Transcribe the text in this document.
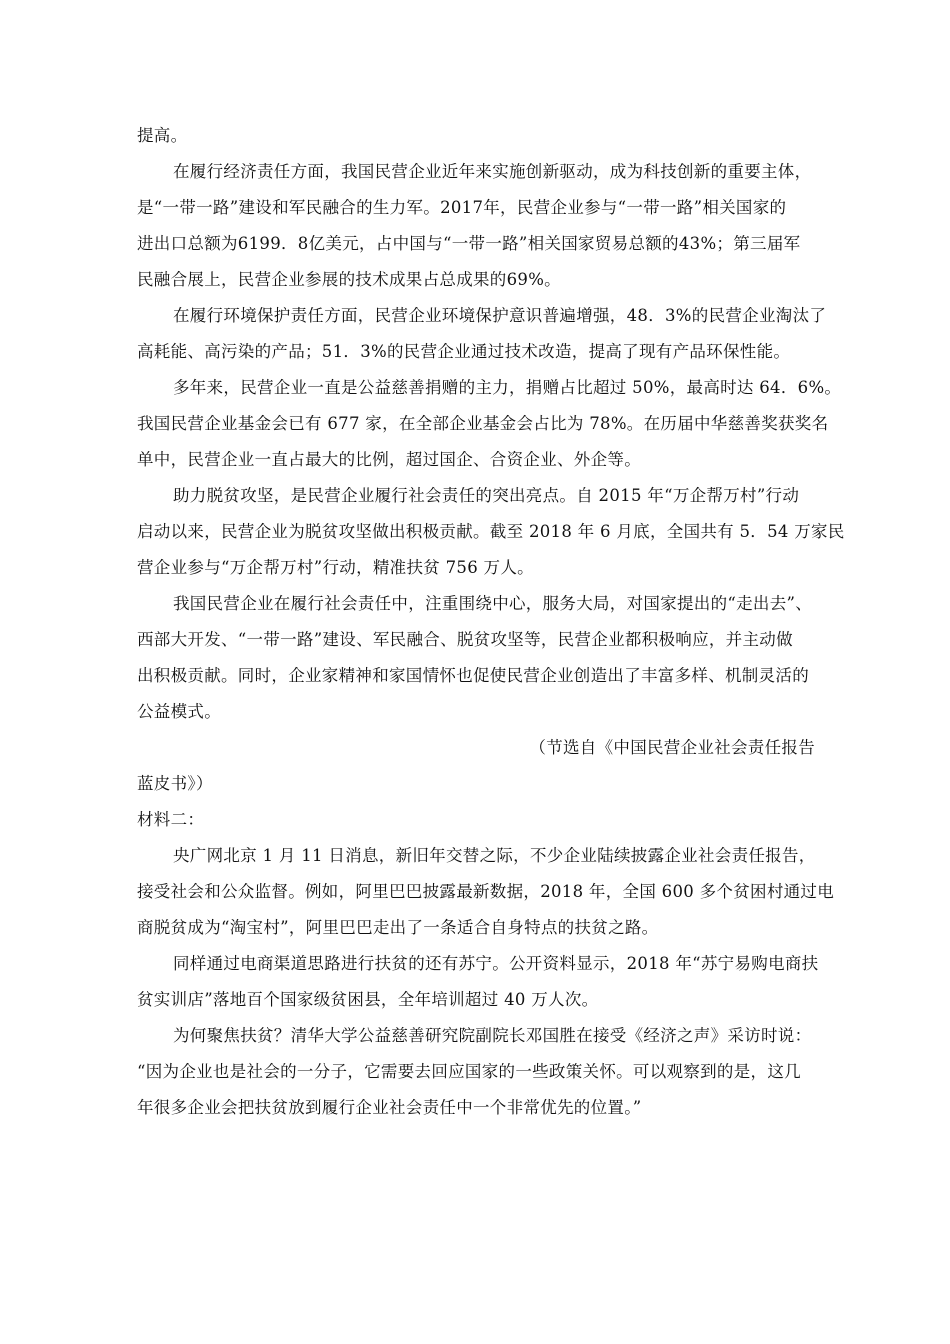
提高。
在履行经济责任方面，我国民营企业近年来实施创新驱动，成为科技创新的重要主体，
是“一带一路”建设和军民融合的生力军。2017年，民营企业参与“一带一路”相关国家的
进出口总额为6199．8亿美元，占中国与“一带一路”相关国家贸易总额的43%；第三届军
民融合展上，民营企业参展的技术成果占总成果的69%。
在履行环境保护责任方面，民营企业环境保护意识普遍增强，48．3%的民营企业淘汰了
高耗能、高污染的产品；51．3%的民营企业通过技术改造，提高了现有产品环保性能。
多年来，民营企业一直是公益慈善捐赠的主力，捐赠占比超过 50%，最高时达 64．6%。
我国民营企业基金会已有 677 家，在全部企业基金会占比为 78%。在历届中华慈善奖获奖名
单中，民营企业一直占最大的比例，超过国企、合资企业、外企等。
助力脱贫攻坚，是民营企业履行社会责任的突出亮点。自 2015 年“万企帮万村”行动
启动以来，民营企业为脱贫攻坚做出积极贡献。截至 2018 年 6 月底，全国共有 5．54 万家民
营企业参与“万企帮万村”行动，精准扶贫 756 万人。
我国民营企业在履行社会责任中，注重围绕中心，服务大局，对国家提出的“走出去”、
西部大开发、“一带一路”建设、军民融合、脱贫攻坚等，民营企业都积极响应，并主动做
出积极贡献。同时，企业家精神和家国情怀也促使民营企业创造出了丰富多样、机制灵活的
公益模式。
（节选自《中国民营企业社会责任报告
蓝皮书》）
材料二：
央广网北京 1 月 11 日消息，新旧年交替之际，不少企业陆续披露企业社会责任报告，
接受社会和公众监督。例如，阿里巴巴披露最新数据，2018 年，全国 600 多个贫困村通过电
商脱贫成为“淘宝村”，阿里巴巴走出了一条适合自身特点的扶贫之路。
同样通过电商渠道思路进行扶贫的还有苏宁。公开资料显示，2018 年“苏宁易购电商扶
贫实训店”落地百个国家级贫困县，全年培训超过 40 万人次。
为何聚焦扶贫？清华大学公益慈善研究院副院长邓国胜在接受《经济之声》采访时说：
“因为企业也是社会的一分子，它需要去回应国家的一些政策关怀。可以观察到的是，这几
年很多企业会把扶贫放到履行企业社会责任中一个非常优先的位置。”
